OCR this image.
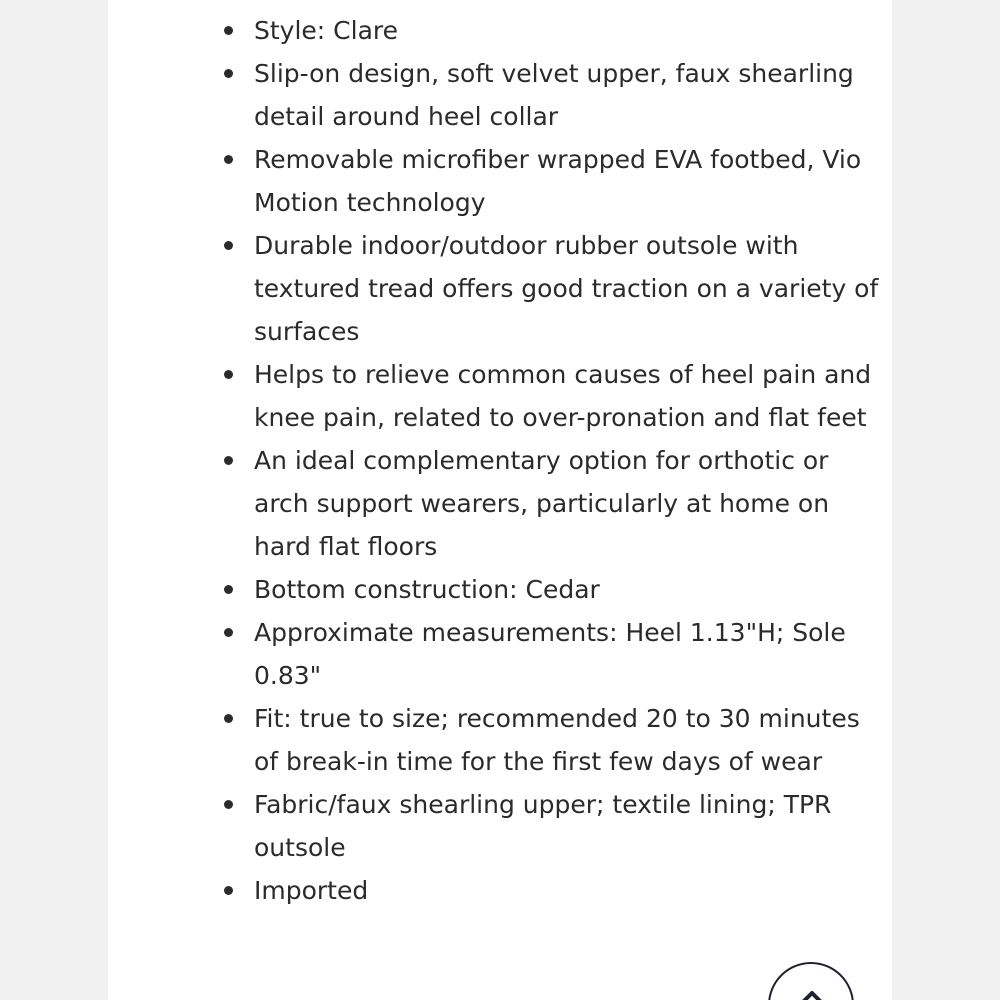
Style: Clare
Slip-on design, soft velvet upper, faux shearling detail around heel collar
Removable microfiber wrapped EVA footbed, Vio Motion technology
Durable indoor/outdoor rubber outsole with textured tread offers good traction on a variety of surfaces
Helps to relieve common causes of heel pain and knee pain, related to over-pronation and flat feet
An ideal complementary option for orthotic or arch support wearers, particularly at home on hard flat floors
Bottom construction: Cedar
Approximate measurements: Heel 1.13"H; Sole 0.83"
Fit: true to size; recommended 20 to 30 minutes of break-in time for the first few days of wear
Fabric/faux shearling upper; textile lining; TPR outsole
Imported
